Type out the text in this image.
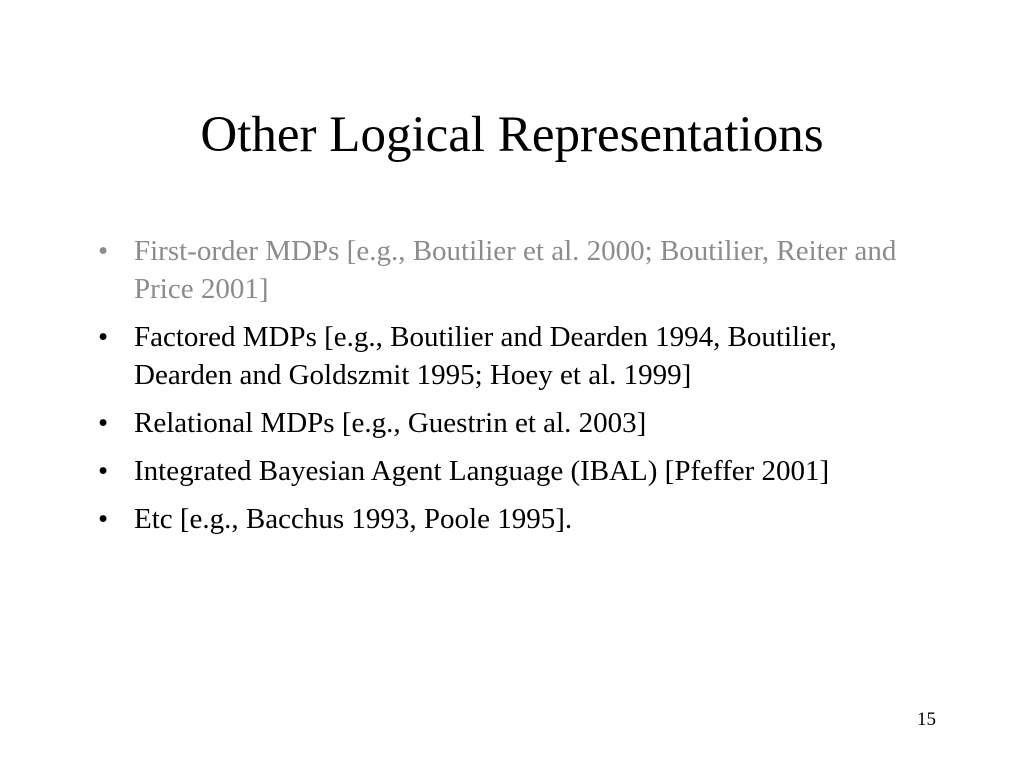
Other Logical Representations
• First-order MDPs [e.g., Boutilier et al. 2000; Boutilier, Reiter and Price 2001]
• Factored MDPs [e.g., Boutilier and Dearden 1994, Boutilier, Dearden and Goldszmit 1995; Hoey et al. 1999]
• Relational MDPs [e.g., Guestrin et al. 2003]
• Integrated Bayesian Agent Language (IBAL) [Pfeffer 2001]
• Etc [e.g., Bacchus 1993, Poole 1995].
15
